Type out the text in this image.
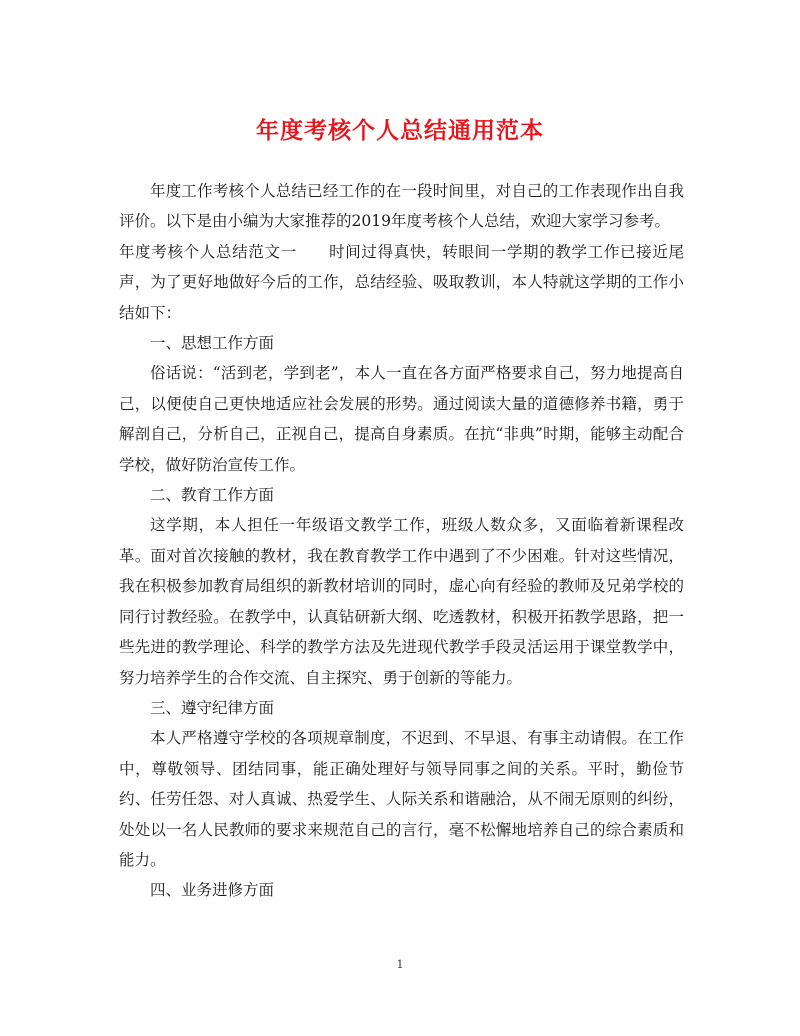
年度考核个人总结通用范本

年度工作考核个人总结已经工作的在一段时间里，对自己的工作表现作出自我评价。以下是由小编为大家推荐的2019年度考核个人总结，欢迎大家学习参考。

年度考核个人总结范文一　　时间过得真快，转眼间一学期的教学工作已接近尾声，为了更好地做好今后的工作，总结经验、吸取教训，本人特就这学期的工作小结如下：

一、思想工作方面

俗话说：“活到老，学到老”，本人一直在各方面严格要求自己，努力地提高自己，以便使自己更快地适应社会发展的形势。通过阅读大量的道德修养书籍，勇于解剖自己，分析自己，正视自己，提高自身素质。在抗“非典”时期，能够主动配合学校，做好防治宣传工作。

二、教育工作方面

这学期，本人担任一年级语文教学工作，班级人数众多，又面临着新课程改革。面对首次接触的教材，我在教育教学工作中遇到了不少困难。针对这些情况，我在积极参加教育局组织的新教材培训的同时，虚心向有经验的教师及兄弟学校的同行讨教经验。在教学中，认真钻研新大纲、吃透教材，积极开拓教学思路，把一些先进的教学理论、科学的教学方法及先进现代教学手段灵活运用于课堂教学中，努力培养学生的合作交流、自主探究、勇于创新的等能力。

三、遵守纪律方面

本人严格遵守学校的各项规章制度，不迟到、不早退、有事主动请假。在工作中，尊敬领导、团结同事，能正确处理好与领导同事之间的关系。平时，勤俭节约、任劳任怨、对人真诚、热爱学生、人际关系和谐融洽，从不闹无原则的纠纷，处处以一名人民教师的要求来规范自己的言行，毫不松懈地培养自己的综合素质和能力。

四、业务进修方面

1
